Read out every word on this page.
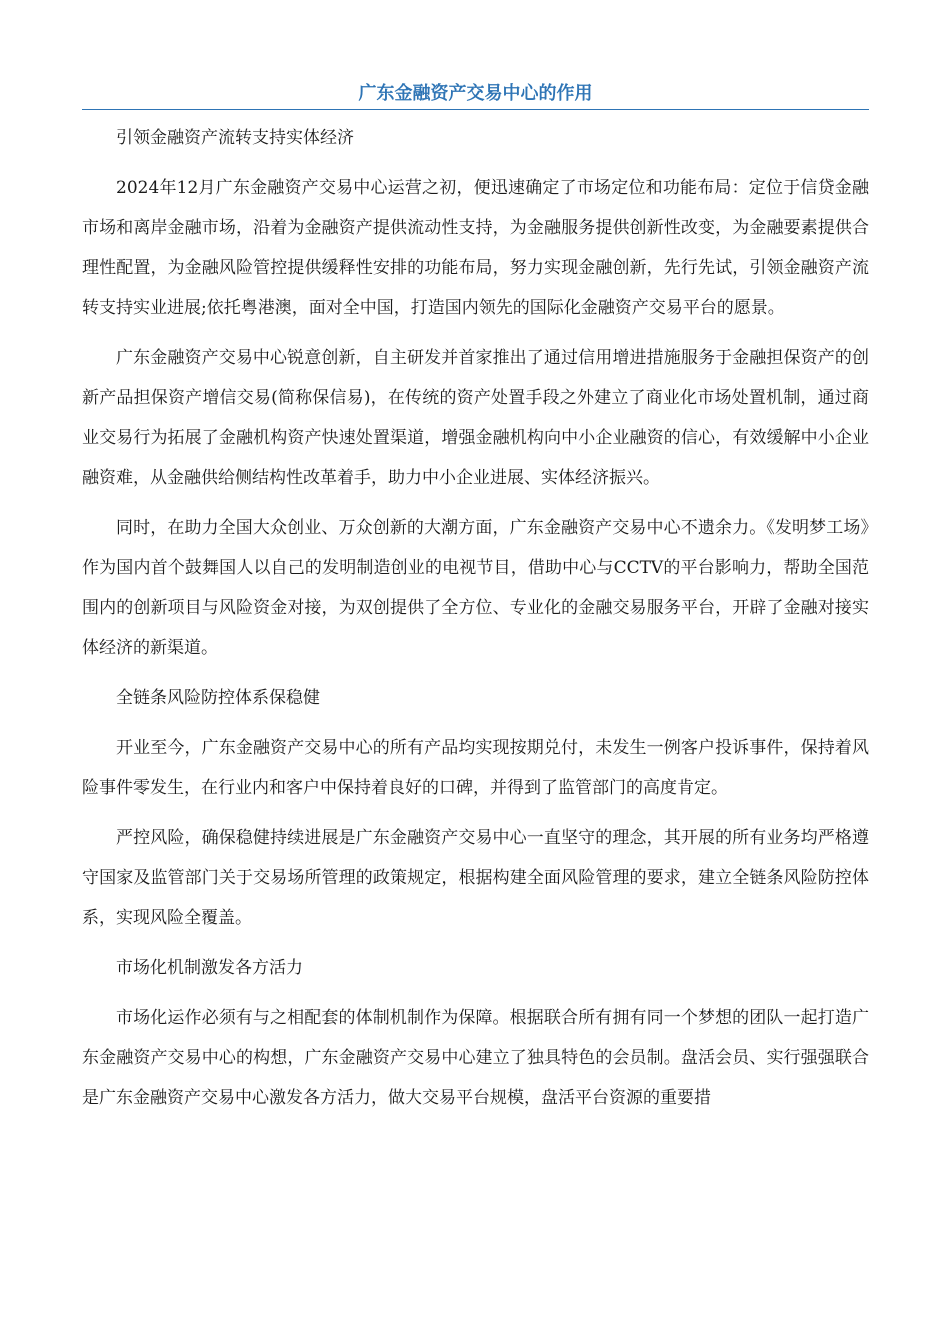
广东金融资产交易中心的作用

引领金融资产流转支持实体经济

2024年12月广东金融资产交易中心运营之初，便迅速确定了市场定位和功能布局：定位于信贷金融市场和离岸金融市场，沿着为金融资产提供流动性支持，为金融服务提供创新性改变，为金融要素提供合理性配置，为金融风险管控提供缓释性安排的功能布局，努力实现金融创新，先行先试，引领金融资产流转支持实业进展;依托粤港澳，面对全中国，打造国内领先的国际化金融资产交易平台的愿景。

广东金融资产交易中心锐意创新，自主研发并首家推出了通过信用增进措施服务于金融担保资产的创新产品担保资产增信交易(简称保信易)，在传统的资产处置手段之外建立了商业化市场处置机制，通过商业交易行为拓展了金融机构资产快速处置渠道，增强金融机构向中小企业融资的信心，有效缓解中小企业融资难，从金融供给侧结构性改革着手，助力中小企业进展、实体经济振兴。

同时，在助力全国大众创业、万众创新的大潮方面，广东金融资产交易中心不遗余力。《发明梦工场》作为国内首个鼓舞国人以自己的发明制造创业的电视节目，借助中心与CCTV的平台影响力，帮助全国范围内的创新项目与风险资金对接，为双创提供了全方位、专业化的金融交易服务平台，开辟了金融对接实体经济的新渠道。

全链条风险防控体系保稳健

开业至今，广东金融资产交易中心的所有产品均实现按期兑付，未发生一例客户投诉事件，保持着风险事件零发生，在行业内和客户中保持着良好的口碑，并得到了监管部门的高度肯定。

严控风险，确保稳健持续进展是广东金融资产交易中心一直坚守的理念，其开展的所有业务均严格遵守国家及监管部门关于交易场所管理的政策规定，根据构建全面风险管理的要求，建立全链条风险防控体系，实现风险全覆盖。

市场化机制激发各方活力

市场化运作必须有与之相配套的体制机制作为保障。根据联合所有拥有同一个梦想的团队一起打造广东金融资产交易中心的构想，广东金融资产交易中心建立了独具特色的会员制。盘活会员、实行强强联合是广东金融资产交易中心激发各方活力，做大交易平台规模，盘活平台资源的重要措
